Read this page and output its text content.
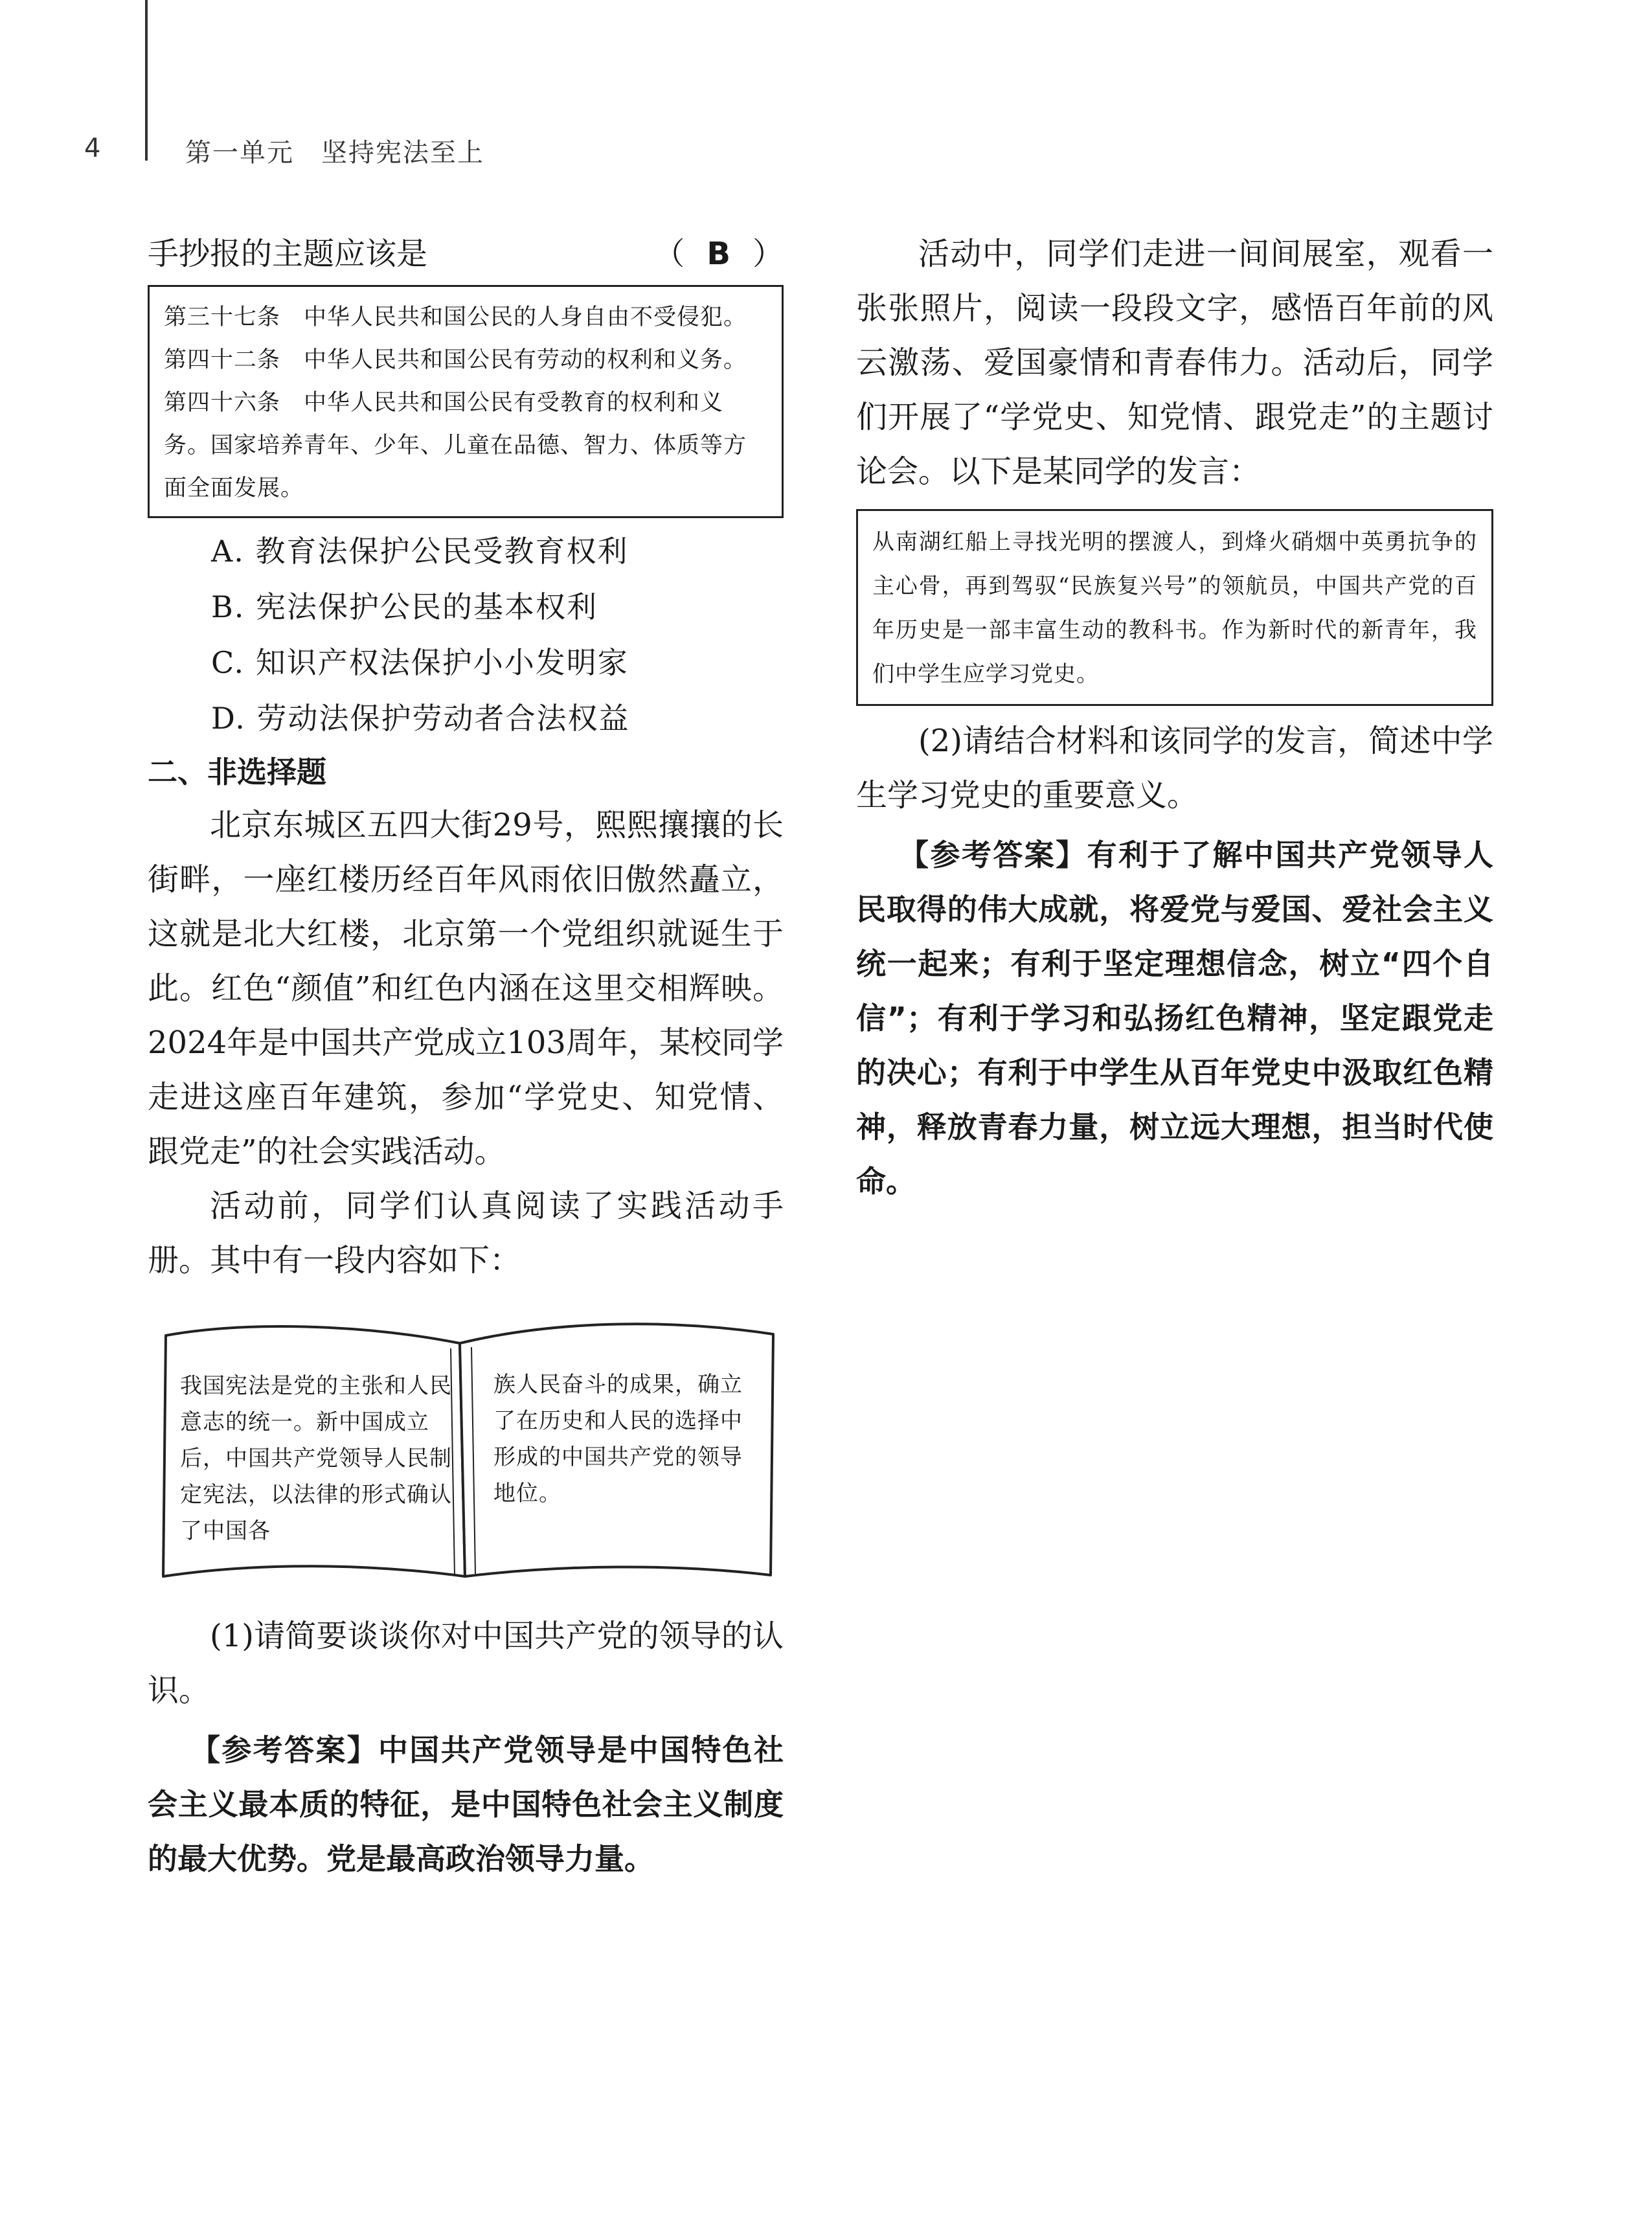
4	第一单元　坚持宪法至上
手抄报的主题应该是	（ B ）

第三十七条　中华人民共和国公民的人身自由不受侵犯。

第四十二条　中华人民共和国公民有劳动的权利和义务。

第四十六条　中华人民共和国公民有受教育的权利和义务。国家培养青年、少年、儿童在品德、智力、体质等方面全面发展。

A. 教育法保护公民受教育权利
B. 宪法保护公民的基本权利
C. 知识产权法保护小小发明家
D. 劳动法保护劳动者合法权益

二、非选择题

北京东城区五四大街29号，熙熙攘攘的长街畔，一座红楼历经百年风雨依旧傲然矗立，这就是北大红楼，北京第一个党组织就诞生于此。红色“颜值”和红色内涵在这里交相辉映。2024年是中国共产党成立103周年，某校同学走进这座百年建筑，参加“学党史、知党情、跟党走”的社会实践活动。

活动前，同学们认真阅读了实践活动手册。其中有一段内容如下：

我国宪法是党的主张和人民意志的统一。新中国成立后，中国共产党领导人民制定宪法，以法律的形式确认了中国各
族人民奋斗的成果，确立了在历史和人民的选择中形成的中国共产党的领导地位。

(1)请简要谈谈你对中国共产党的领导的认识。

【参考答案】中国共产党领导是中国特色社会主义最本质的特征，是中国特色社会主义制度的最大优势。党是最高政治领导力量。

活动中，同学们走进一间间展室，观看一张张照片，阅读一段段文字，感悟百年前的风云激荡、爱国豪情和青春伟力。活动后，同学们开展了“学党史、知党情、跟党走”的主题讨论会。以下是某同学的发言：

从南湖红船上寻找光明的摆渡人，到烽火硝烟中英勇抗争的主心骨，再到驾驭“民族复兴号”的领航员，中国共产党的百年历史是一部丰富生动的教科书。作为新时代的新青年，我们中学生应学习党史。

(2)请结合材料和该同学的发言，简述中学生学习党史的重要意义。

【参考答案】有利于了解中国共产党领导人民取得的伟大成就，将爱党与爱国、爱社会主义统一起来；有利于坚定理想信念，树立“四个自信”；有利于学习和弘扬红色精神，坚定跟党走的决心；有利于中学生从百年党史中汲取红色精神，释放青春力量，树立远大理想，担当时代使命。
